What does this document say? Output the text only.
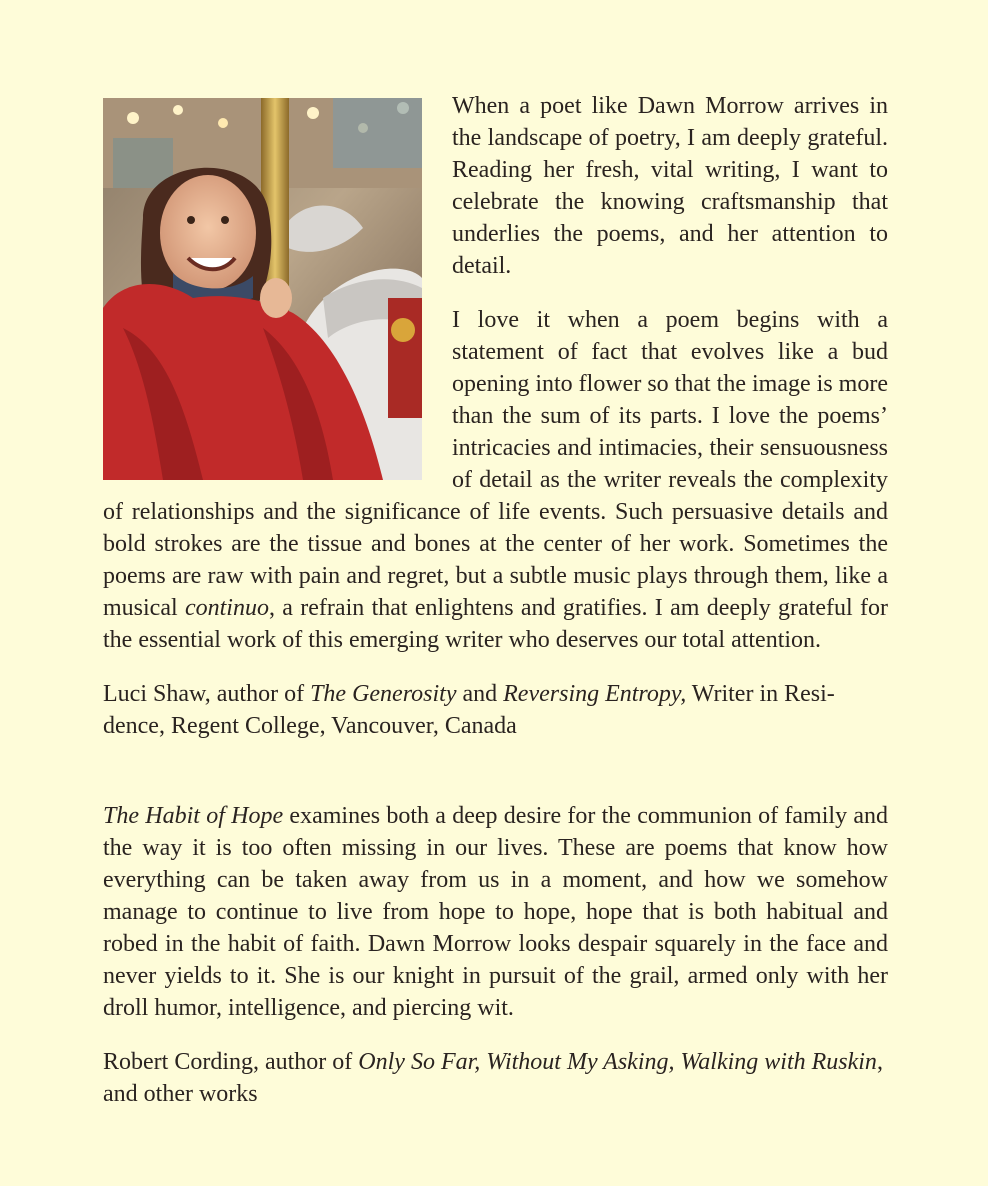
When a poet like Dawn Morrow arrives in the landscape of poetry, I am deeply grateful. Reading her fresh, vital writing, I want to celebrate the knowing craftsmanship that underlies the poems, and her attention to detail.

I love it when a poem begins with a statement of fact that evolves like a bud opening into flower so that the image is more than the sum of its parts. I love the poems’ intricacies and intimacies, their sensuousness of detail as the writer reveals the complexity of relationships and the significance of life events. Such persuasive details and bold strokes are the tissue and bones at the center of her work. Sometimes the poems are raw with pain and regret, but a subtle music plays through them, like a musical continuo, a refrain that enlightens and gratifies. I am deeply grateful for the essential work of this emerging writer who deserves our total attention.

Luci Shaw, author of The Generosity and Reversing Entropy, Writer in Residence, Regent College, Vancouver, Canada

The Habit of Hope examines both a deep desire for the communion of family and the way it is too often missing in our lives. These are poems that know how everything can be taken away from us in a moment, and how we somehow manage to continue to live from hope to hope, hope that is both habitual and robed in the habit of faith. Dawn Morrow looks despair squarely in the face and never yields to it. She is our knight in pursuit of the grail, armed only with her droll humor, intelligence, and piercing wit.

Robert Cording, author of Only So Far, Without My Asking, Walking with Ruskin, and other works
